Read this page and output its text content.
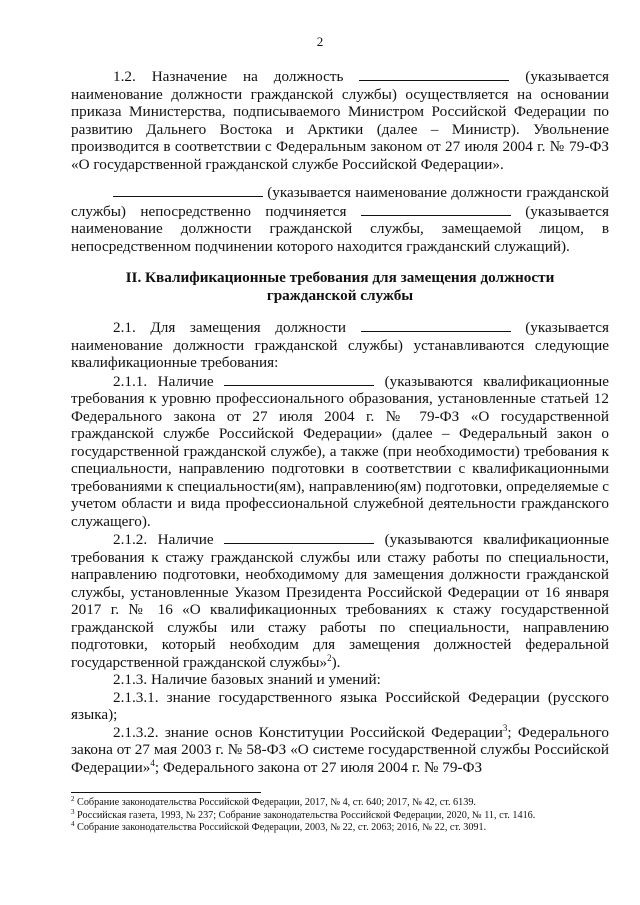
2

1.2. Назначение на должность	(указывается наименование должности гражданской службы) осуществляется на основании приказа Министерства, подписываемого Министром Российской Федерации по развитию Дальнего Востока и Арктики (далее – Министр). Увольнение производится в соответствии с Федеральным законом от 27 июля 2004 г. № 79-ФЗ «О государственной гражданской службе Российской Федерации».

(указывается наименование должности гражданской службы) непосредственно подчиняется	(указывается наименование должности гражданской службы, замещаемой лицом, в непосредственном подчинении которого находится гражданский служащий).

II. Квалификационные требования для замещения должности

гражданской службы

2.1. Для замещения должности	(указывается наименование должности гражданской службы) устанавливаются следующие квалификационные требования:

2.1.1. Наличие	(указываются квалификационные требования к уровню профессионального образования, установленные статьей 12 Федерального закона от 27 июля 2004 г. № 79-ФЗ «О государственной гражданской службе Российской Федерации» (далее – Федеральный закон о государственной гражданской службе), а также (при необходимости) требования к специальности, направлению подготовки в соответствии с квалификационными требованиями к специальности(ям), направлению(ям) подготовки, определяемые с учетом области и вида профессиональной служебной деятельности гражданского служащего).

2.1.2. Наличие	(указываются квалификационные требования к стажу гражданской службы или стажу работы по специальности, направлению подготовки, необходимому для замещения должности гражданской службы, установленные Указом Президента Российской Федерации от 16 января 2017 г. № 16 «О квалификационных требованиях к стажу государственной гражданской службы или стажу работы по специальности, направлению подготовки, который необходим для замещения должностей федеральной государственной гражданской службы»$^2$).

2.1.3. Наличие базовых знаний и умений:

2.1.3.1. знание государственного языка Российской Федерации (русского языка);

2.1.3.2. знание основ Конституции Российской Федерации$^3$; Федерального закона от 27 мая 2003 г. № 58-ФЗ «О системе государственной службы Российской Федерации»$^4$; Федерального закона от 27 июля 2004 г. № 79-ФЗ

$^2$ Собрание законодательства Российской Федерации, 2017, № 4, ст. 640; 2017, № 42, ст. 6139.

$^3$ Российская газета, 1993, № 237; Собрание законодательства Российской Федерации, 2020, № 11, ст. 1416.

$^4$ Собрание законодательства Российской Федерации, 2003, № 22, ст. 2063; 2016, № 22, ст. 3091.
